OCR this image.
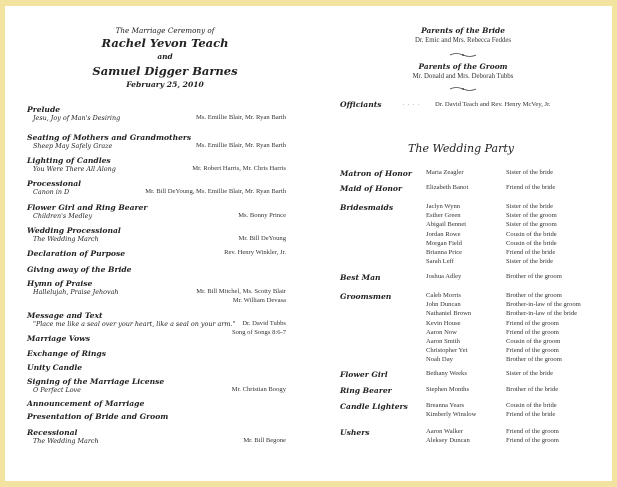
The Marriage Ceremony of
Rachel Yevon Teach
and
Samuel Digger Barnes
February 25, 2010
Prelude
Jesu, Joy of Man's Desiring	Ms. Emillie Blair, Mr. Ryan Barth
Seating of Mothers and Grandmothers
Sheep May Safely Graze	Ms. Emillie Blair, Mr. Ryan Barth
Lighting of Candles
You Were There All Along	Mr. Robert Harris, Mr. Chris Harris
Processional
Canon in D	Mr. Bill DeYoung, Ms. Emillie Blair, Mr. Ryan Barth
Flower Girl and Ring Bearer
Children's Medley	Ms. Bonny Prince
Wedding Processional
The Wedding March	Mr. Bill DeYoung
Declaration of Purpose	Rev. Henry Winkler, Jr.
Giving away of the Bride
Hymn of Praise
Hallelujah, Praise Jehovah	Mr. Bill Mitchel, Ms. Scotty Blair
Mr. William Devasa
Message and Text
"Place me like a seal over your heart, like a seal on your arm." Dr. David Tubbs
Song of Songs 8:6-7
Marriage Vows
Exchange of Rings
Unity Candle
Signing of the Marriage License
O Perfect Love	Mr. Christian Boogy
Announcement of Marriage
Presentation of Bride and Groom
Recessional
The Wedding March	Mr. Bill Begone
Parents of the Bride
Dr. Emic and Mrs. Rebecca Feddes
Parents of the Groom
Mr. Donald and Mrs. Deborah Tubbs
Officiants	. . . . Dr. David Teach and Rev. Henry McVey, Jr.
The Wedding Party
Matron of Honor Maria Zeagler	Sister of the bride
Maid of Honor	Elizabeth Banot	Friend of the bride
Bridesmaids	Jaclyn Wynn	Sister of the bride
Esther Green	Sister of the groom
Abigail Bennet	Sister of the groom
Jordan Rowe	Cousin of the bride
Morgan Field	Cousin of the bride
Brianna Price	Friend of the bride
Sarah Leff	Sister of the bride
Best Man	Joshua Adley	Brother of the groom
Groomsmen	Caleb Morris	Brother of the groom
John Duncan	Brother-in-law of the groom
Nathaniel Brown	Brother-in-law of the bride
Kevin House	Friend of the groom
Aaron Now	Friend of the groom
Aaron Smith	Cousin of the groom
Christopher Yet	Friend of the groom
Noah Day	Brother of the groom
Flower Girl	Bethany Weeks	Sister of the bride
Ring Bearer	Stephen Months	Brother of the bride
Candle Lighters	Breanna Years	Cousin of the bride
Kimberly Winslow	Friend of the bride
Ushers	Aaron Walker	Friend of the groom
Aleksey Duncan	Friend of the groom
